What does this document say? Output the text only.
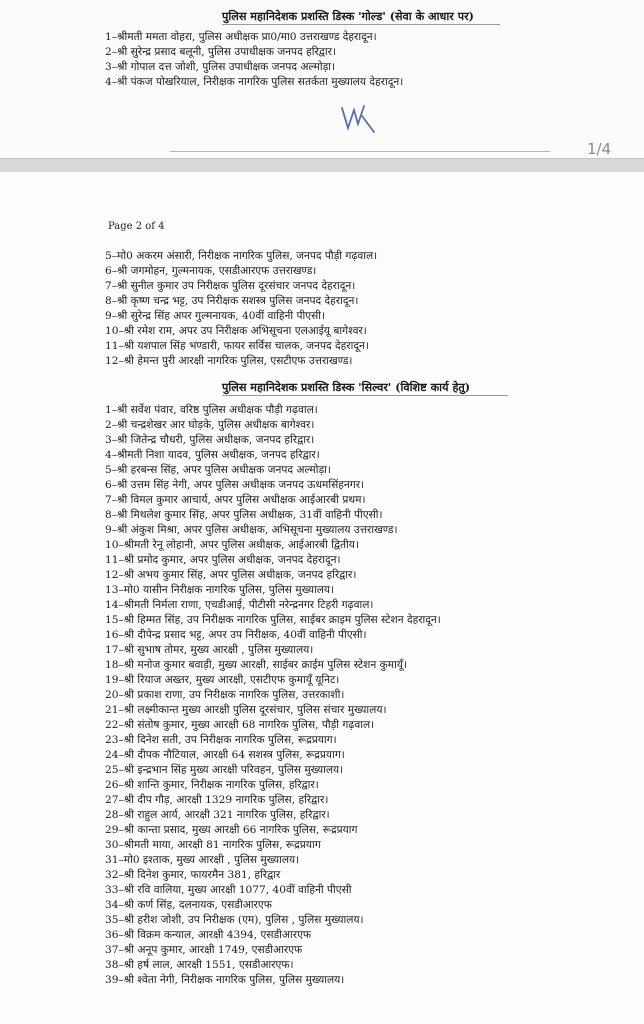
पुलिस महानिदेशक प्रशस्ति डिस्क 'गोल्ड' (सेवा के आधार पर)
1–श्रीमती ममता वोहरा, पुलिस अधीक्षक प्रा0/मा0 उत्तराखण्ड देहरादून।
2–श्री सुरेन्द्र प्रसाद बलूनी, पुलिस उपाधीक्षक जनपद हरिद्वार।
3–श्री गोपाल दत्त जोशी, पुलिस उपाधीक्षक जनपद अल्मोड़ा।
4–श्री पंकज पोखरियाल, निरीक्षक नागरिक पुलिस सतर्कता मुख्यालय देहरादून।
1/4
Page 2 of 4
5–मो0 अकरम अंसारी, निरीक्षक नागरिक पुलिस, जनपद पौड़ी गढ़वाल।
6–श्री जगमोहन, गुल्मनायक, एसडीआरएफ उत्तराखण्ड।
7–श्री सुनील कुमार उप निरीक्षक पुलिस दूरसंचार जनपद देहरादून।
8–श्री कृष्ण चन्द्र भट्ट, उप निरीक्षक सशस्त्र पुलिस जनपद देहरादून।
9–श्री सुरेन्द्र सिंह अपर गुल्मनायक, 40वीं वाहिनी पीएसी।
10–श्री रमेश राम, अपर उप निरीक्षक अभिसूचना एलआईयू बागेश्वर।
11–श्री यशपाल सिंह भण्डारी, फायर सर्विस चालक, जनपद देहरादून।
12–श्री हेमन्त पुरी आरक्षी नागरिक पुलिस, एसटीएफ उत्तराखण्ड।
पुलिस महानिदेशक प्रशस्ति डिस्क 'सिल्वर' (विशिष्ट कार्य हेतु)
1–श्री सर्वेश पंवार, वरिष्ठ पुलिस अधीक्षक पौड़ी गढ़वाल।
2–श्री चन्द्रशेखर आर घोड़के, पुलिस अधीक्षक बागेश्वर।
3–श्री जितेन्द्र चौधरी, पुलिस अधीक्षक, जनपद हरिद्वार।
4–श्रीमती निशा यादव, पुलिस अधीक्षक, जनपद हरिद्वार।
5–श्री हरबन्स सिंह, अपर पुलिस अधीक्षक जनपद अल्मोड़ा।
6–श्री उत्तम सिंह नेगी, अपर पुलिस अधीक्षक जनपद ऊधमसिंहनगर।
7–श्री विमल कुमार आचार्य, अपर पुलिस अधीक्षक आईआरबी प्रथम।
8–श्री मिथलेश कुमार सिंह, अपर पुलिस अधीक्षक, 31वीं वाहिनी पीएसी।
9–श्री अंकुश मिश्रा, अपर पुलिस अधीक्षक, अभिसूचना मुख्यालय उत्तराखण्ड।
10–श्रीमती रेनू लोहानी, अपर पुलिस अधीक्षक, आईआरबी द्वितीय।
11–श्री प्रमोद कुमार, अपर पुलिस अधीक्षक, जनपद देहरादून।
12–श्री अभय कुमार सिंह, अपर पुलिस अधीक्षक, जनपद हरिद्वार।
13–मो0 यासीन निरीक्षक नागरिक पुलिस, पुलिस मुख्यालय।
14–श्रीमती निर्मला राणा, एचडीआई, पीटीसी नरेन्द्रनगर टिहरी गढ़वाल।
15–श्री हिम्मत सिंह, उप निरीक्षक नागरिक पुलिस, साईबर क्राइम पुलिस स्टेशन देहरादून।
16–श्री दीपेन्द्र प्रसाद भट्ट, अपर उप निरीक्षक, 40वीं वाहिनी पीएसी।
17–श्री सुभाष तोमर, मुख्य आरक्षी , पुलिस मुख्यालय।
18–श्री मनोज कुमार बवाड़ी, मुख्य आरक्षी, साईबर क्राईम पुलिस स्टेशन कुमायूँ।
19–श्री रियाज अख्तर, मुख्य आरक्षी, एसटीएफ कुमायूँ यूनिट।
20–श्री प्रकाश राणा, उप निरीक्षक नागरिक पुलिस, उत्तरकाशी।
21–श्री लक्ष्मीकान्त मुख्य आरक्षी पुलिस दूरसंचार, पुलिस संचार मुख्यालय।
22–श्री संतोष कुमार, मुख्य आरक्षी 68 नागरिक पुलिस, पौड़ी गढ़वाल।
23–श्री दिनेश सती, उप निरीक्षक नागरिक पुलिस, रूद्रप्रयाग।
24–श्री दीपक नौटियाल, आरक्षी 64 सशस्त्र पुलिस, रूद्रप्रयाग।
25–श्री इन्द्रभान सिंह मुख्य आरक्षी परिवहन, पुलिस मुख्यालय।
26–श्री शान्ति कुमार, निरीक्षक नागरिक पुलिस, हरिद्वार।
27–श्री दीप गौड़, आरक्षी 1329 नागरिक पुलिस, हरिद्वार।
28–श्री राहुल आर्य, आरक्षी 321 नागरिक पुलिस, हरिद्वार।
29–श्री कान्ता प्रसाद, मुख्य आरक्षी 66 नागरिक पुलिस, रूद्रप्रयाग
30–श्रीमती माया, आरक्षी 81 नागरिक पुलिस, रूद्रप्रयाग
31–मो0 इश्ताक, मुख्य आरक्षी , पुलिस मुख्यालय।
32–श्री दिनेश कुमार, फायरमैन 381, हरिद्वार
33–श्री रवि वालिया, मुख्य आरक्षी 1077, 40वीं वाहिनी पीएसी
34–श्री कर्ण सिंह, दलनायक, एसडीआरएफ
35–श्री हरीश जोशी, उप निरीक्षक (एम), पुलिस , पुलिस मुख्यालय।
36–श्री विक्रम कन्याल, आरक्षी 4394, एसडीआरएफ
37–श्री अनूप कुमार, आरक्षी 1749, एसडीआरएफ
38–श्री हर्ष लाल, आरक्षी 1551, एसडीआरएफ।
39–श्री श्वेता नेगी, निरीक्षक नागरिक पुलिस, पुलिस मुख्यालय।
